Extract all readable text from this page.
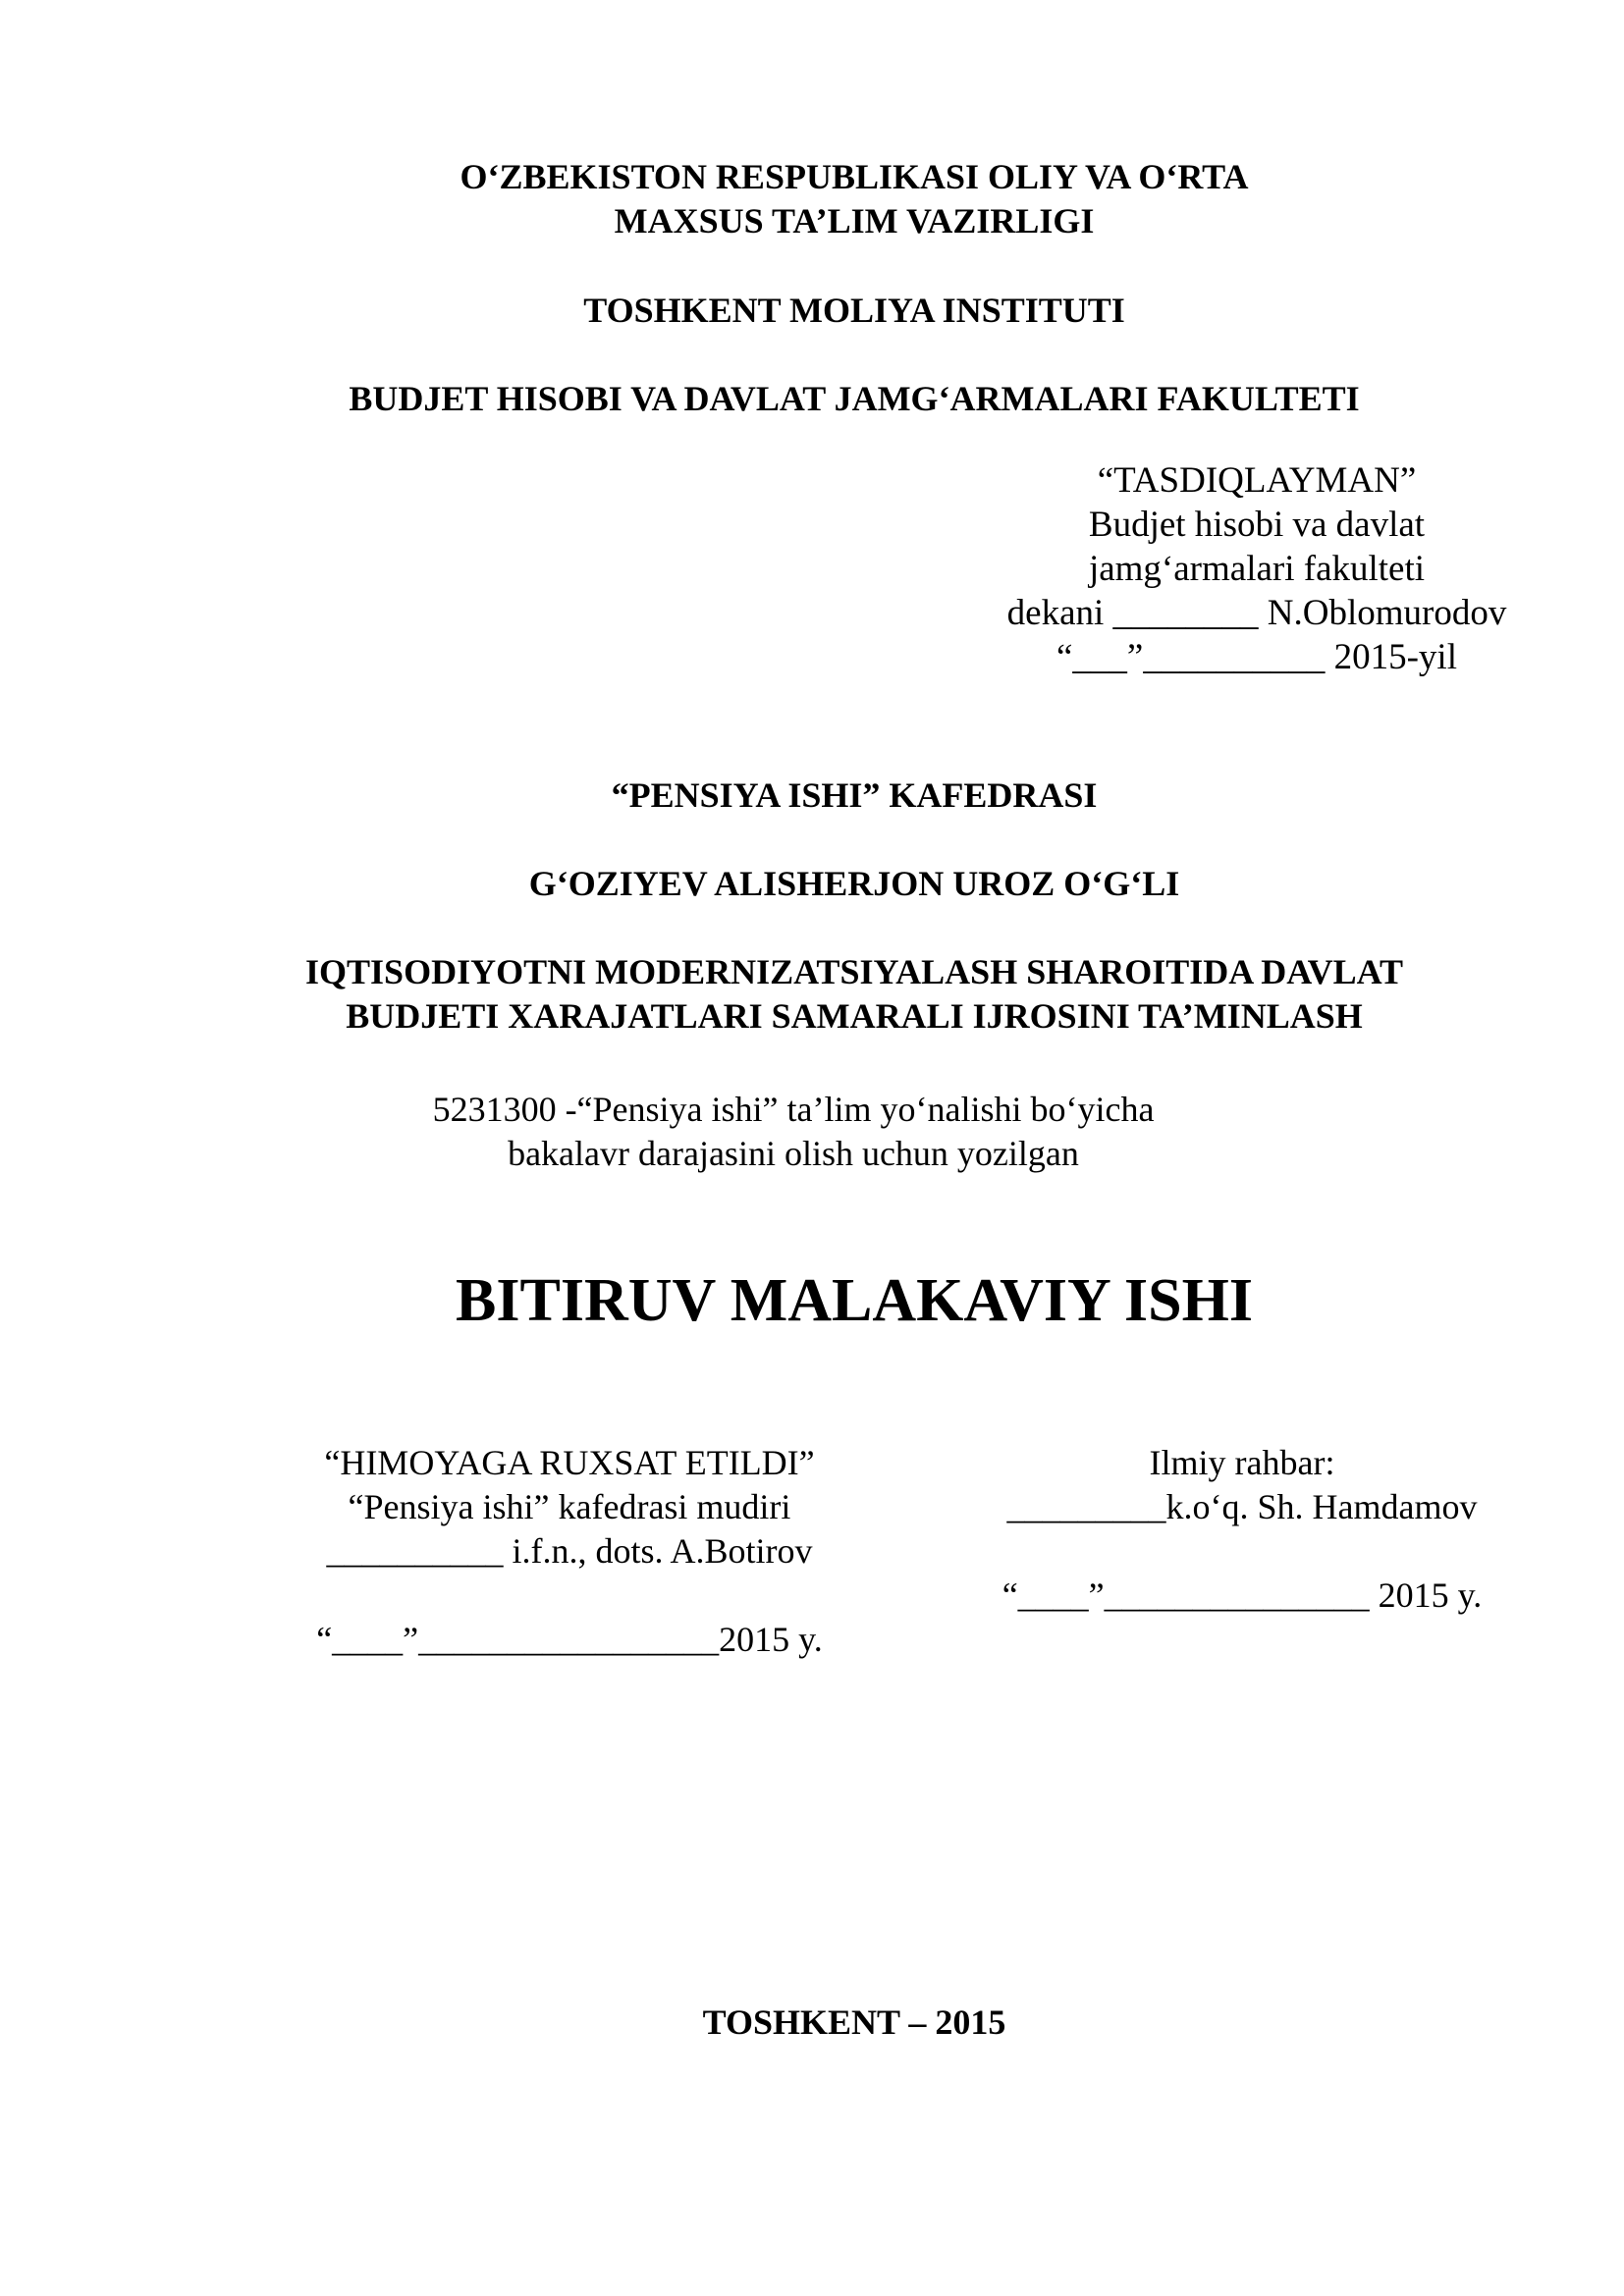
O‘ZBEKISTON RESPUBLIKASI OLIY VA O‘RTA
MAXSUS TA’LIM VAZIRLIGI
TOSHKENT MOLIYA INSTITUTI
BUDJET HISOBI VA DAVLAT JAMG‘ARMALARI FAKULTETI
“TASDIQLAYMAN”
Budjet hisobi va davlat
jamg‘armalari fakulteti
dekani ________ N.Oblomurodov
“___”__________ 2015-yil
“PENSIYA ISHI” KAFEDRASI
G‘OZIYEV ALISHERJON UROZ O‘G‘LI
IQTISODIYOTNI MODERNIZATSIYALASH SHAROITIDA DAVLAT
BUDJETI XARAJATLARI SAMARALI IJROSINI TA’MINLASH
5231300 -“Pensiya ishi” ta’lim yo‘nalishi bo‘yicha
bakalavr darajasini olish uchun yozilgan
BITIRUV MALAKAVIY ISHI
“HIMOYAGA RUXSAT ETILDI”
“Pensiya ishi” kafedrasi mudiri
__________ i.f.n., dots. A.Botirov
“____”_________________2015 y.
Ilmiy rahbar:
_________k.o‘q. Sh. Hamdamov
“____”_______________ 2015 y.
TOSHKENT – 2015
